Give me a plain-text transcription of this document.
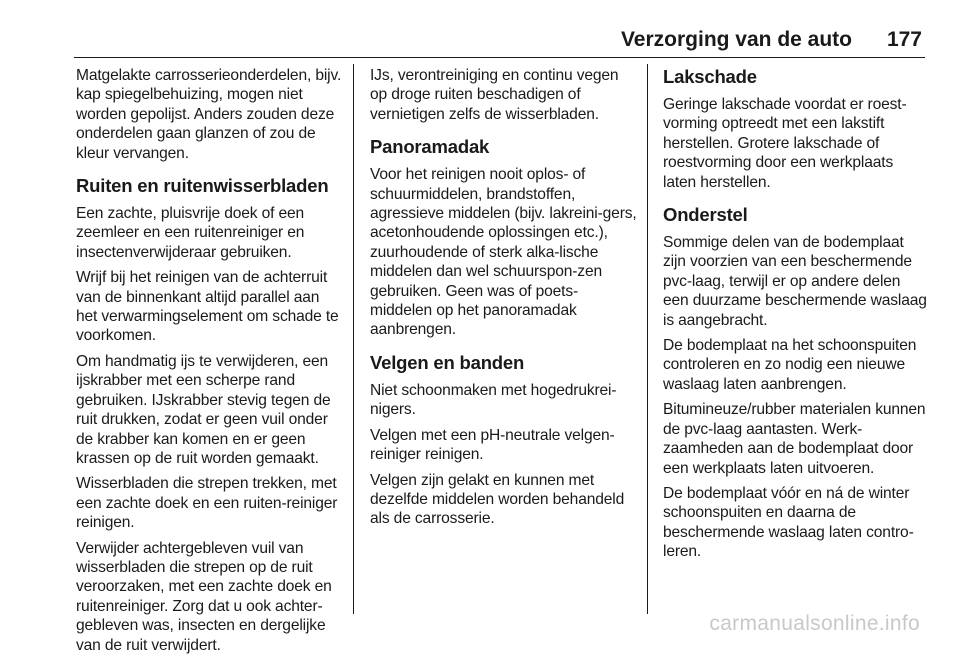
Verzorging van de auto 177

Matgelakte carrosserieonderdelen, bijv. kap spiegelbehuizing, mogen niet worden gepolijst. Anders zouden deze onderdelen gaan glanzen of zou de kleur vervangen.

Ruiten en ruitenwisserbladen

Een zachte, pluisvrije doek of een zeemleer en een ruitenreiniger en insectenverwijderaar gebruiken.

Wrijf bij het reinigen van de achterruit van de binnenkant altijd parallel aan het verwarmingselement om schade te voorkomen.

Om handmatig ijs te verwijderen, een ijskrabber met een scherpe rand gebruiken. IJskrabber stevig tegen de ruit drukken, zodat er geen vuil onder de krabber kan komen en er geen krassen op de ruit worden gemaakt.

Wisserbladen die strepen trekken, met een zachte doek en een ruiten-reiniger reinigen.

Verwijder achtergebleven vuil van wisserbladen die strepen op de ruit veroorzaken, met een zachte doek en ruitenreiniger. Zorg dat u ook achter-gebleven was, insecten en dergelijke van de ruit verwijdert.

IJs, verontreiniging en continu vegen op droge ruiten beschadigen of vernietigen zelfs de wisserbladen.

Panoramadak

Voor het reinigen nooit oplos- of schuurmiddelen, brandstoffen, agressieve middelen (bijv. lakreini-gers, acetonhoudende oplossingen etc.), zuurhoudende of sterk alka-lische middelen dan wel schuurspon-zen gebruiken. Geen was of poets-middelen op het panoramadak aanbrengen.

Velgen en banden

Niet schoonmaken met hogedrukrei-nigers.

Velgen met een pH-neutrale velgen-reiniger reinigen.

Velgen zijn gelakt en kunnen met dezelfde middelen worden behandeld als de carrosserie.

Lakschade

Geringe lakschade voordat er roest-vorming optreedt met een lakstift herstellen. Grotere lakschade of roestvorming door een werkplaats laten herstellen.

Onderstel

Sommige delen van de bodemplaat zijn voorzien van een beschermende pvc-laag, terwijl er op andere delen een duurzame beschermende waslaag is aangebracht.

De bodemplaat na het schoonspuiten controleren en zo nodig een nieuwe waslaag laten aanbrengen.

Bitumineuze/rubber materialen kunnen de pvc-laag aantasten. Werk-zaamheden aan de bodemplaat door een werkplaats laten uitvoeren.

De bodemplaat vóór en ná de winter schoonspuiten en daarna de beschermende waslaag laten contro-leren.

carmanualsonline.info
